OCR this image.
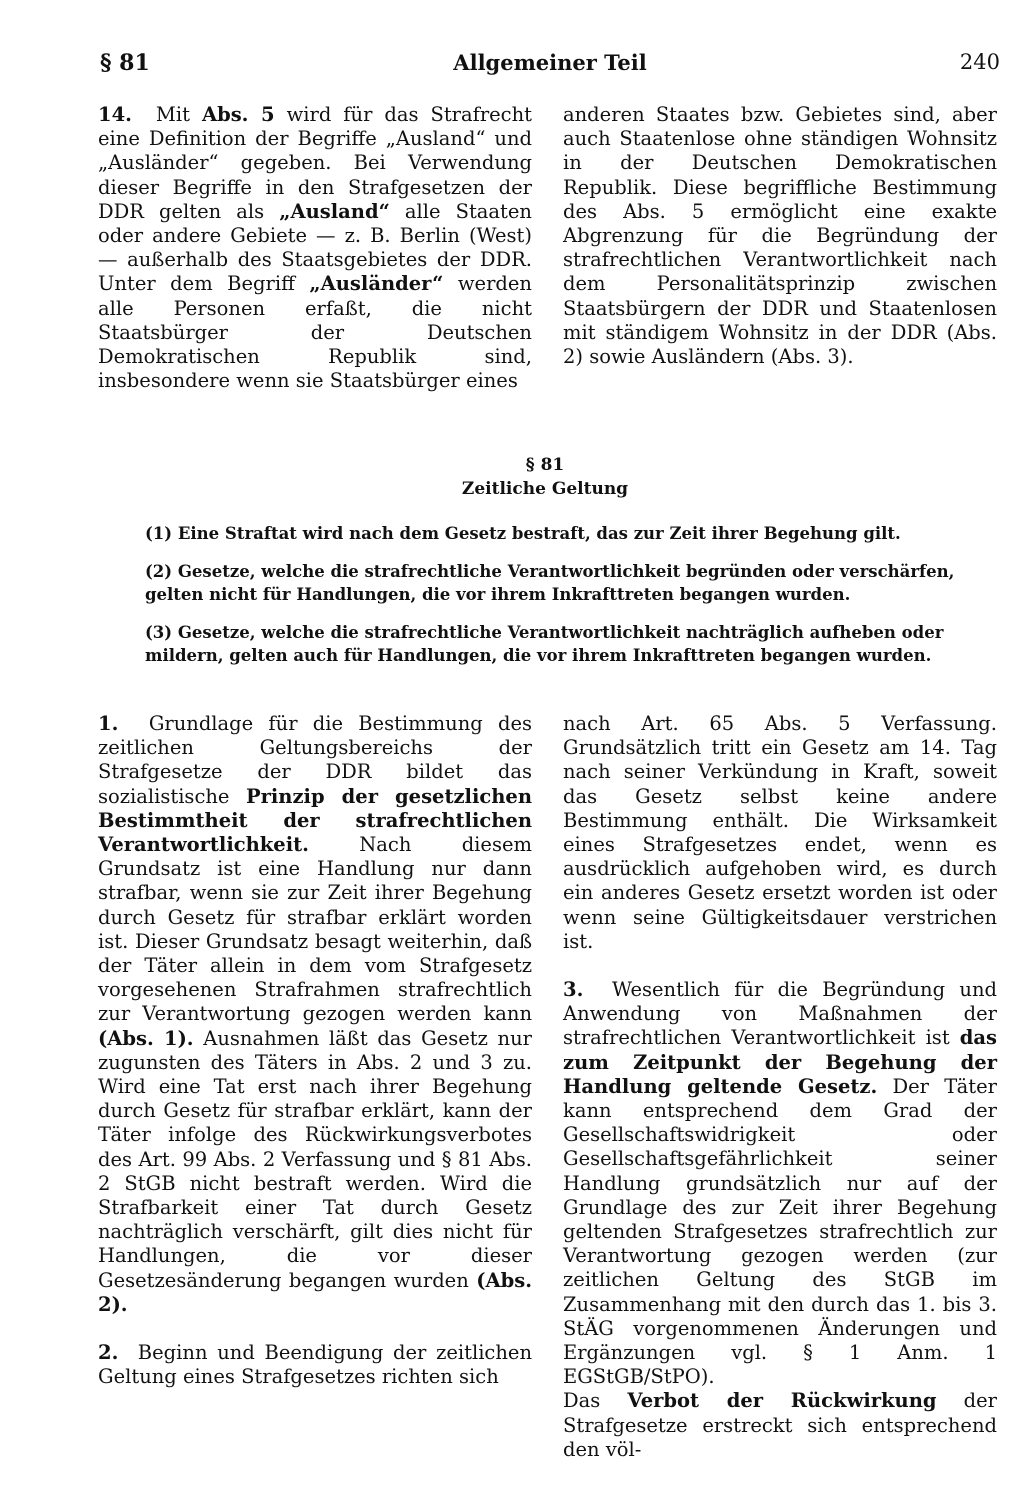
§ 81	Allgemeiner Teil	240

14. Mit Abs. 5 wird für das Strafrecht eine Definition der Begriffe „Ausland“ und „Ausländer“ gegeben. Bei Verwendung dieser Begriffe in den Strafgesetzen der DDR gelten als „Ausland“ alle Staaten oder andere Gebiete — z. B. Berlin (West) — außerhalb des Staatsgebietes der DDR. Unter dem Begriff „Ausländer“ werden alle Personen erfaßt, die nicht Staatsbürger der Deutschen Demokratischen Republik sind, insbesondere wenn sie Staatsbürger eines

anderen Staates bzw. Gebietes sind, aber auch Staatenlose ohne ständigen Wohnsitz in der Deutschen Demokratischen Republik. Diese begriffliche Bestimmung des Abs. 5 ermöglicht eine exakte Abgrenzung für die Begründung der strafrechtlichen Verantwortlichkeit nach dem Personalitätsprinzip zwischen Staatsbürgern der DDR und Staatenlosen mit ständigem Wohnsitz in der DDR (Abs. 2) sowie Ausländern (Abs. 3).

§ 81

Zeitliche Geltung

(1) Eine Straftat wird nach dem Gesetz bestraft, das zur Zeit ihrer Begehung gilt.

(2) Gesetze, welche die strafrechtliche Verantwortlichkeit begründen oder verschärfen, gelten nicht für Handlungen, die vor ihrem Inkrafttreten begangen wurden.

(3) Gesetze, welche die strafrechtliche Verantwortlichkeit nachträglich aufheben oder mildern, gelten auch für Handlungen, die vor ihrem Inkrafttreten begangen wurden.

1. Grundlage für die Bestimmung des zeitlichen Geltungsbereichs der Strafgesetze der DDR bildet das sozialistische Prinzip der gesetzlichen Bestimmtheit der strafrechtlichen Verantwortlichkeit. Nach diesem Grundsatz ist eine Handlung nur dann strafbar, wenn sie zur Zeit ihrer Begehung durch Gesetz für strafbar erklärt worden ist. Dieser Grundsatz besagt weiterhin, daß der Täter allein in dem vom Strafgesetz vorgesehenen Strafrahmen strafrechtlich zur Verantwortung gezogen werden kann (Abs. 1). Ausnahmen läßt das Gesetz nur zugunsten des Täters in Abs. 2 und 3 zu. Wird eine Tat erst nach ihrer Begehung durch Gesetz für strafbar erklärt, kann der Täter infolge des Rückwirkungsverbotes des Art. 99 Abs. 2 Verfassung und § 81 Abs. 2 StGB nicht bestraft werden. Wird die Strafbarkeit einer Tat durch Gesetz nachträglich verschärft, gilt dies nicht für Handlungen, die vor dieser Gesetzesänderung begangen wurden (Abs. 2).

2. Beginn und Beendigung der zeitlichen Geltung eines Strafgesetzes richten sich

nach Art. 65 Abs. 5 Verfassung. Grundsätzlich tritt ein Gesetz am 14. Tag nach seiner Verkündung in Kraft, soweit das Gesetz selbst keine andere Bestimmung enthält. Die Wirksamkeit eines Strafgesetzes endet, wenn es ausdrücklich aufgehoben wird, es durch ein anderes Gesetz ersetzt worden ist oder wenn seine Gültigkeitsdauer verstrichen ist.

3. Wesentlich für die Begründung und Anwendung von Maßnahmen der strafrechtlichen Verantwortlichkeit ist das zum Zeitpunkt der Begehung der Handlung geltende Gesetz. Der Täter kann entsprechend dem Grad der Gesellschaftswidrigkeit oder Gesellschaftsgefährlichkeit seiner Handlung grundsätzlich nur auf der Grundlage des zur Zeit ihrer Begehung geltenden Strafgesetzes strafrechtlich zur Verantwortung gezogen werden (zur zeitlichen Geltung des StGB im Zusammenhang mit den durch das 1. bis 3. StÄG vorgenommenen Änderungen und Ergänzungen vgl. § 1 Anm. 1 EGStGB/StPO).

Das Verbot der Rückwirkung der Strafgesetze erstreckt sich entsprechend den völ-
